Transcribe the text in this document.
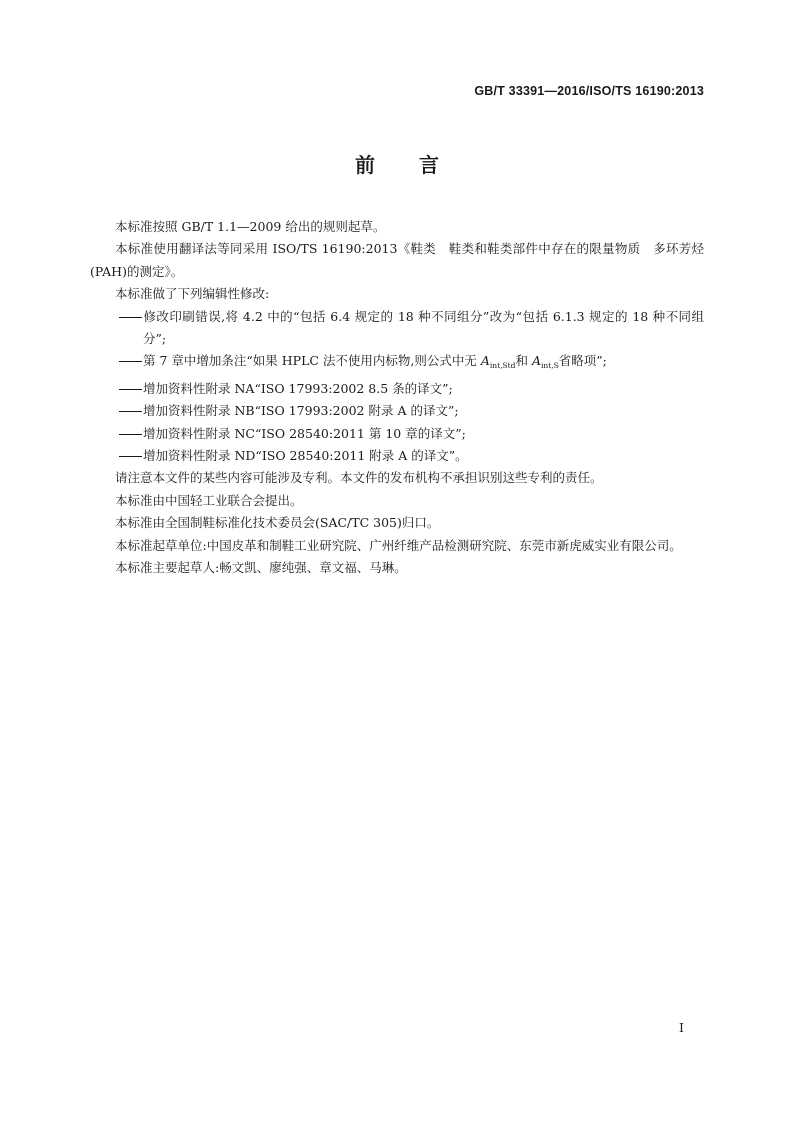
GB/T 33391—2016/ISO/TS 16190:2013
前言

本标准按照 GB/T 1.1—2009 给出的规则起草。

本标准使用翻译法等同采用 ISO/TS 16190:2013《鞋类　鞋类和鞋类部件中存在的限量物质　多环芳烃(PAH)的测定》。

本标准做了下列编辑性修改:

修改印刷错误,将 4.2 中的“包括 6.4 规定的 18 种不同组分”改为“包括 6.1.3 规定的 18 种不同组分”;

第 7 章中增加条注“如果 HPLC 法不使用内标物,则公式中无 $A_{int,Std}$和 $A_{int,S}$省略项”;

增加资料性附录 NA“ISO 17993:2002 8.5 条的译文”;

增加资料性附录 NB“ISO 17993:2002 附录 A 的译文”;

增加资料性附录 NC“ISO 28540:2011 第 10 章的译文”;

增加资料性附录 ND“ISO 28540:2011 附录 A 的译文”。

请注意本文件的某些内容可能涉及专利。本文件的发布机构不承担识别这些专利的责任。

本标准由中国轻工业联合会提出。

本标准由全国制鞋标准化技术委员会(SAC/TC 305)归口。

本标准起草单位:中国皮革和制鞋工业研究院、广州纤维产品检测研究院、东莞市新虎威实业有限公司。

本标准主要起草人:畅文凯、廖纯强、章文福、马琳。

I
